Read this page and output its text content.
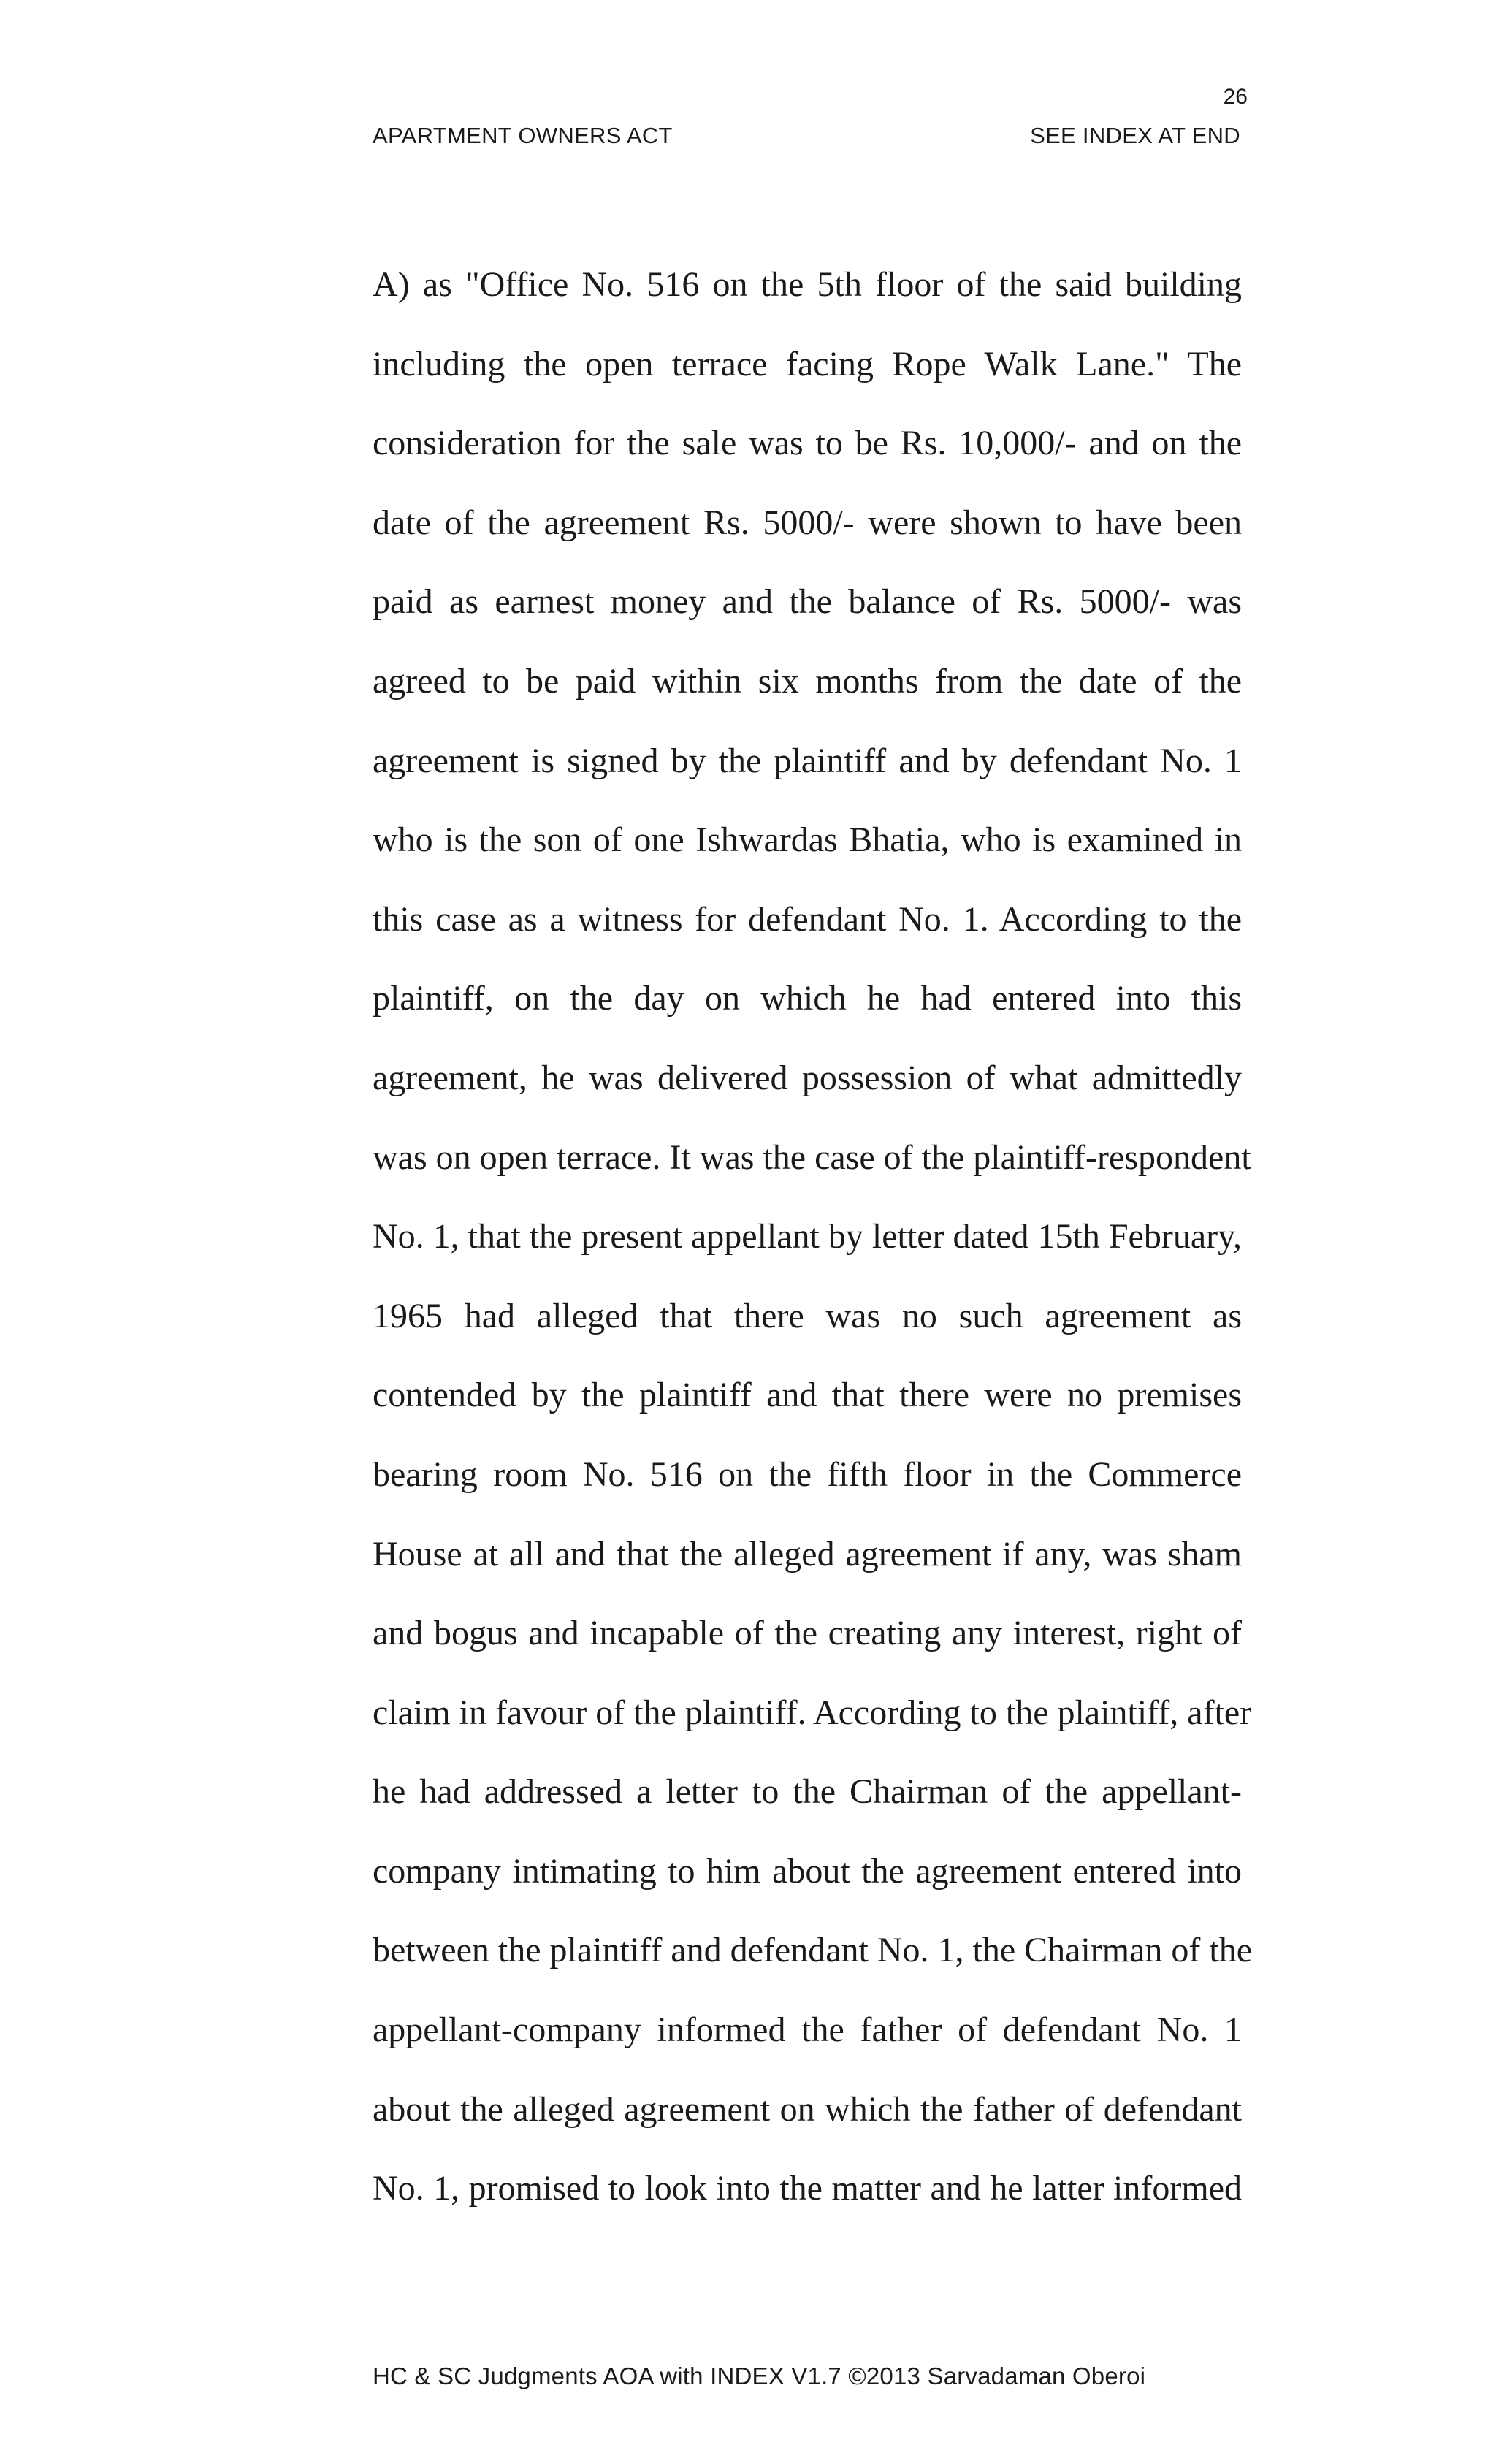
26
APARTMENT OWNERS ACT	SEE INDEX AT END
A) as "Office No. 516 on the 5th floor of the said building
including the open terrace facing Rope Walk Lane." The
consideration for the sale was to be Rs. 10,000/- and on the
date of the agreement Rs. 5000/- were shown to have been
paid as earnest money and the balance of Rs. 5000/- was
agreed to be paid within six months from the date of the
agreement is signed by the plaintiff and by defendant No. 1
who is the son of one Ishwardas Bhatia, who is examined in
this case as a witness for defendant No. 1. According to the
plaintiff, on the day on which he had entered into this
agreement, he was delivered possession of what admittedly
was on open terrace. It was the case of the plaintiff-respondent
No. 1, that the present appellant by letter dated 15th February,
1965 had alleged that there was no such agreement as
contended by the plaintiff and that there were no premises
bearing room No. 516 on the fifth floor in the Commerce
House at all and that the alleged agreement if any, was sham
and bogus and incapable of the creating any interest, right of
claim in favour of the plaintiff. According to the plaintiff, after
he had addressed a letter to the Chairman of the appellant-
company intimating to him about the agreement entered into
between the plaintiff and defendant No. 1, the Chairman of the
appellant-company informed the father of defendant No. 1
about the alleged agreement on which the father of defendant
No. 1, promised to look into the matter and he latter informed
HC & SC Judgments AOA with INDEX V1.7 ©2013 Sarvadaman Oberoi
